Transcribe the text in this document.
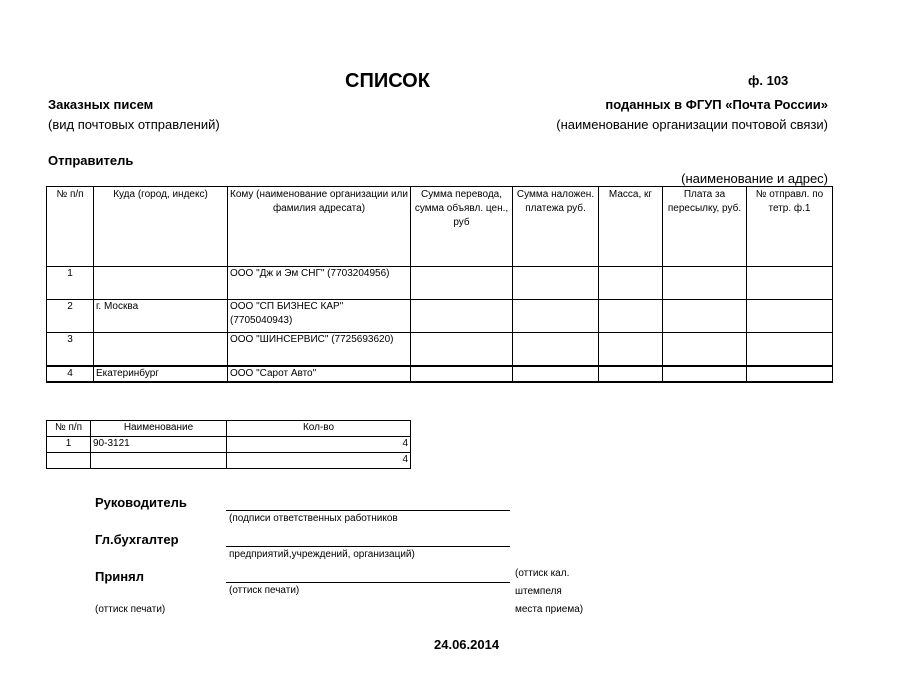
СПИСОК	ф. 103
Заказных писем
(вид почтовых отправлений)
поданных в ФГУП «Почта России»
(наименование организации почтовой связи)
Отправитель
(наименование и адрес)
№ п/п	Куда (город, индекс)	Кому (наименование организации или фамилия адресата)	Сумма перевода, сумма объявл. цен., руб	Сумма наложен. платежа руб.	Масса, кг	Плата за пересылку, руб.	№ отправл. по тетр. ф.1
1		ООО "Дж и Эм СНГ" (7703204956)					
2	г. Москва	ООО "СП БИЗНЕС КАР" (7705040943)					
3		ООО "ШИНСЕРВИС" (7725693620)					
4	Екатеринбург	ООО "Сарот Авто"					
№ п/п	Наименование	Кол-во
1	90-3121	4
		4
Руководитель
(подписи ответственных работников
Гл.бухгалтер
предприятий,учреждений, организаций)
Принял
(оттиск печати)
(оттиск кал.
штемпеля
места приема)
(оттиск печати)
24.06.2014
